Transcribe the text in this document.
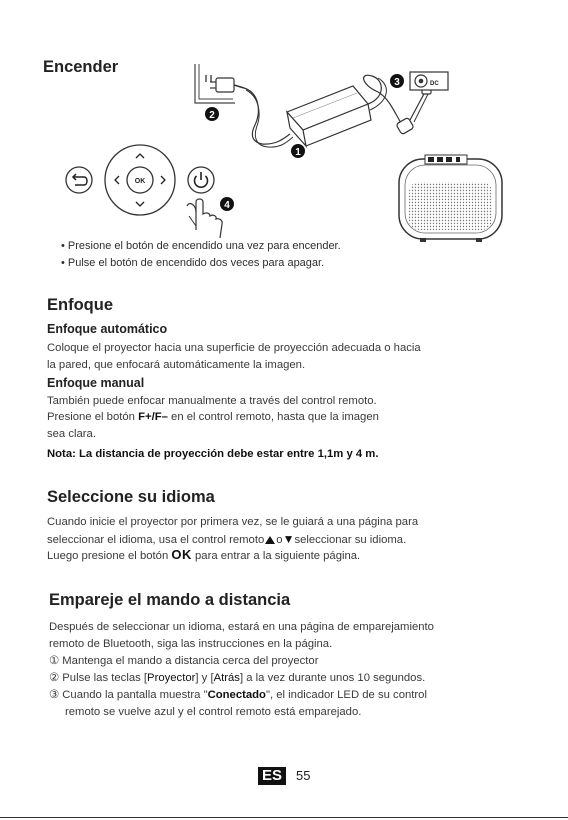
Encender
1
2
3
4
DC
OK
• Presione el botón de encendido una vez para encender.
• Pulse el botón de encendido dos veces para apagar.
Enfoque
Enfoque automático

Coloque el proyector hacia una superficie de proyección adecuada o hacia

la pared, que enfocará automáticamente la imagen.

Enfoque manual

También puede enfocar manualmente a través del control remoto.

Presione el botón F+/F– en el control remoto, hasta que la imagen

sea clara.

Nota: La distancia de proyección debe estar entre 1,1m y 4 m.

Seleccione su idioma

Cuando inicie el proyector por primera vez, se le guiará a una página para

seleccionar el idioma, usa el control remoto o▼seleccionar su idioma.

Luego presione el botón OK para entrar a la siguiente página.

Empareje el mando a distancia

Después de seleccionar un idioma, estará en una página de emparejamiento

remoto de Bluetooth, siga las instrucciones en la página.

① Mantenga el mando a distancia cerca del proyector

② Pulse las teclas [Proyector] y [Atrás] a la vez durante unos 10 segundos.

③ Cuando la pantalla muestra "Conectado", el indicador LED de su control

remoto se vuelve azul y el control remoto está emparejado.

ES	55
